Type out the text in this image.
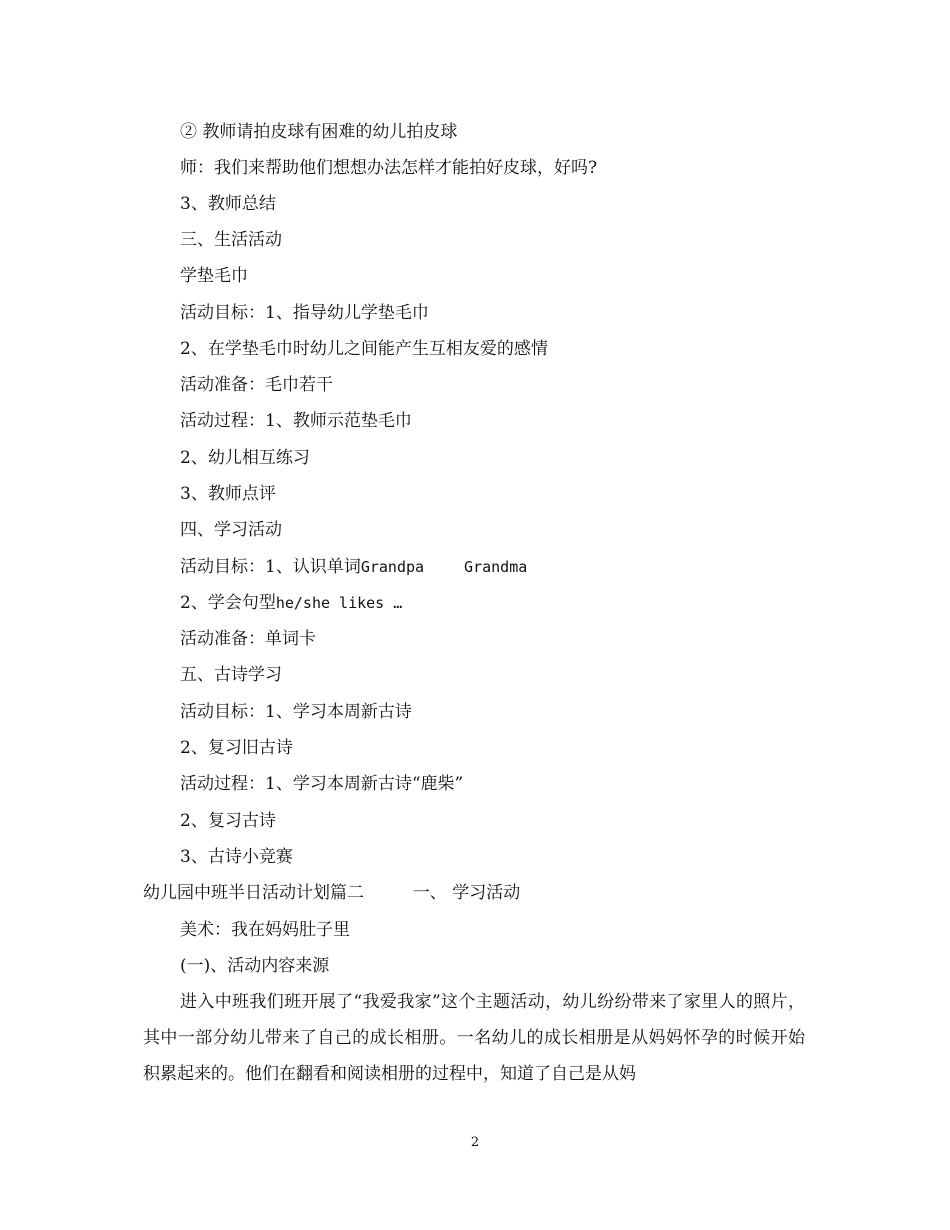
② 教师请拍皮球有困难的幼儿拍皮球
师：我们来帮助他们想想办法怎样才能拍好皮球，好吗?
3、教师总结
三、生活活动
学垫毛巾
活动目标：1、指导幼儿学垫毛巾
2、在学垫毛巾时幼儿之间能产生互相友爱的感情
活动准备：毛巾若干
活动过程：1、教师示范垫毛巾
2、幼儿相互练习
3、教师点评
四、学习活动
活动目标：1、认识单词Grandpa	Grandma
2、学会句型he/she likes …
活动准备：单词卡
五、古诗学习
活动目标：1、学习本周新古诗
2、复习旧古诗
活动过程：1、学习本周新古诗“鹿柴”
2、复习古诗
3、古诗小竞赛
幼儿园中班半日活动计划篇二	一、 学习活动
美术：我在妈妈肚子里
(一)、活动内容来源
进入中班我们班开展了“我爱我家”这个主题活动，幼儿纷纷带来了家里人的照片，其中一部分幼儿带来了自己的成长相册。一名幼儿的成长相册是从妈妈怀孕的时候开始积累起来的。他们在翻看和阅读相册的过程中，知道了自己是从妈
2
